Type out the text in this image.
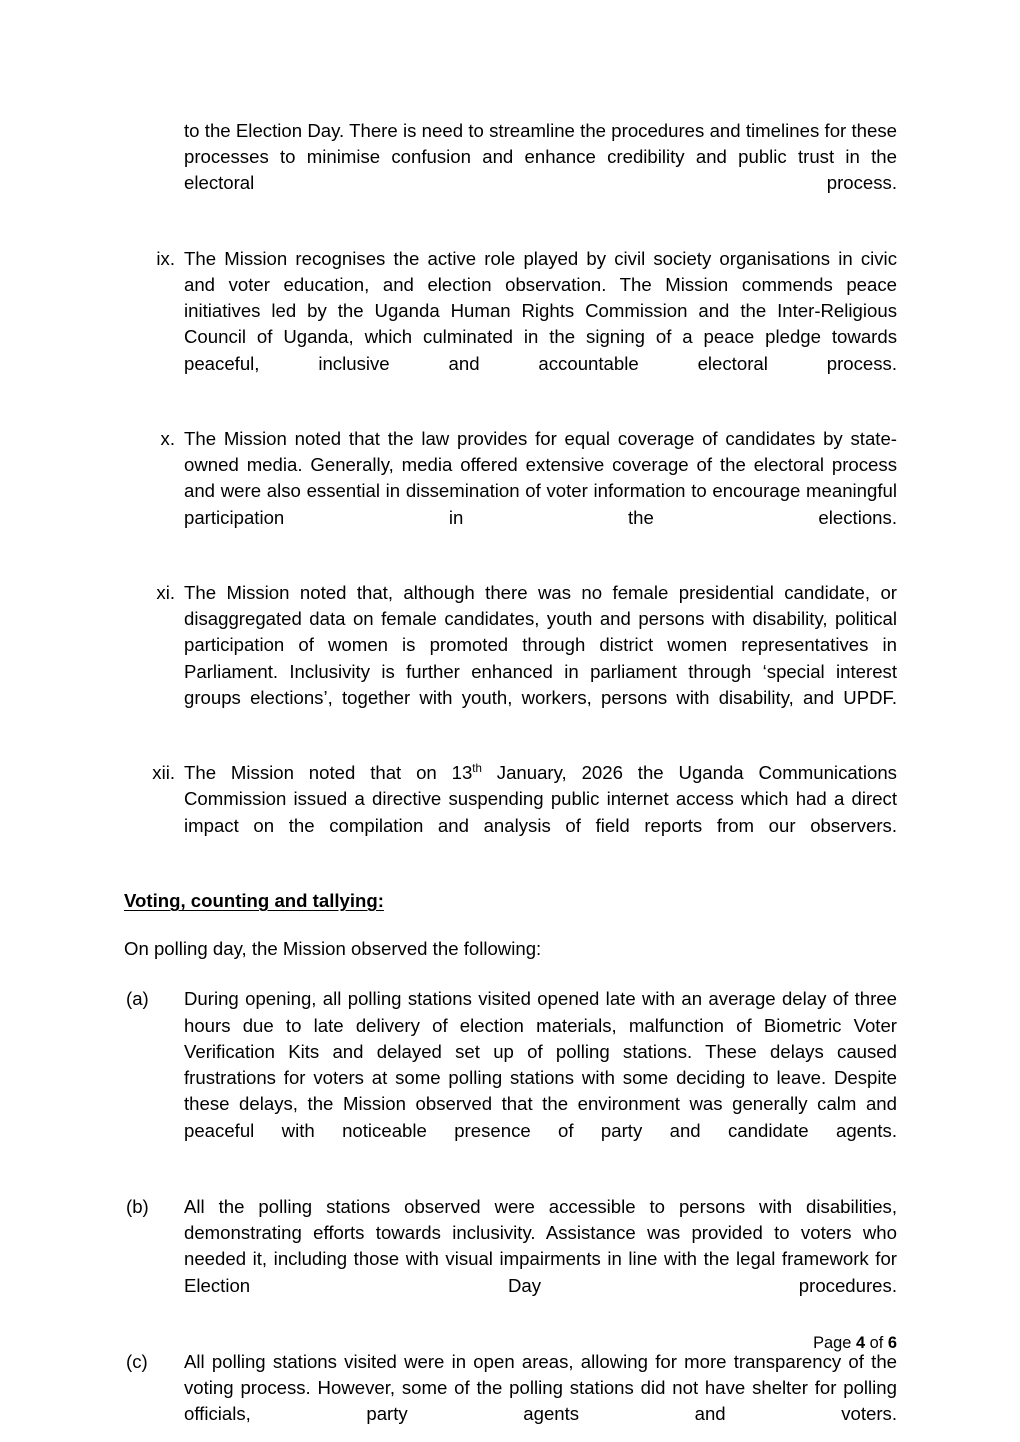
to the Election Day. There is need to streamline the procedures and timelines for these processes to minimise confusion and enhance credibility and public trust in the electoral process.

ix. The Mission recognises the active role played by civil society organisations in civic and voter education, and election observation. The Mission commends peace initiatives led by the Uganda Human Rights Commission and the Inter-Religious Council of Uganda, which culminated in the signing of a peace pledge towards peaceful, inclusive and accountable electoral process.
x. The Mission noted that the law provides for equal coverage of candidates by state-owned media. Generally, media offered extensive coverage of the electoral process and were also essential in dissemination of voter information to encourage meaningful participation in the elections.
xi. The Mission noted that, although there was no female presidential candidate, or disaggregated data on female candidates, youth and persons with disability, political participation of women is promoted through district women representatives in Parliament. Inclusivity is further enhanced in parliament through ‘special interest groups elections’, together with youth, workers, persons with disability, and UPDF.
xii. The Mission noted that on 13th January, 2026 the Uganda Communications Commission issued a directive suspending public internet access which had a direct impact on the compilation and analysis of field reports from our observers.
Voting, counting and tallying:

On polling day, the Mission observed the following:

(a)	During opening, all polling stations visited opened late with an average delay of three hours due to late delivery of election materials, malfunction of Biometric Voter Verification Kits and delayed set up of polling stations. These delays caused frustrations for voters at some polling stations with some deciding to leave. Despite these delays, the Mission observed that the environment was generally calm and peaceful with noticeable presence of party and candidate agents.
(b)	All the polling stations observed were accessible to persons with disabilities, demonstrating efforts towards inclusivity. Assistance was provided to voters who needed it, including those with visual impairments in line with the legal framework for Election Day procedures.
(c)	All polling stations visited were in open areas, allowing for more transparency of the voting process. However, some of the polling stations did not have shelter for polling officials, party agents and voters.
Page 4 of 6
